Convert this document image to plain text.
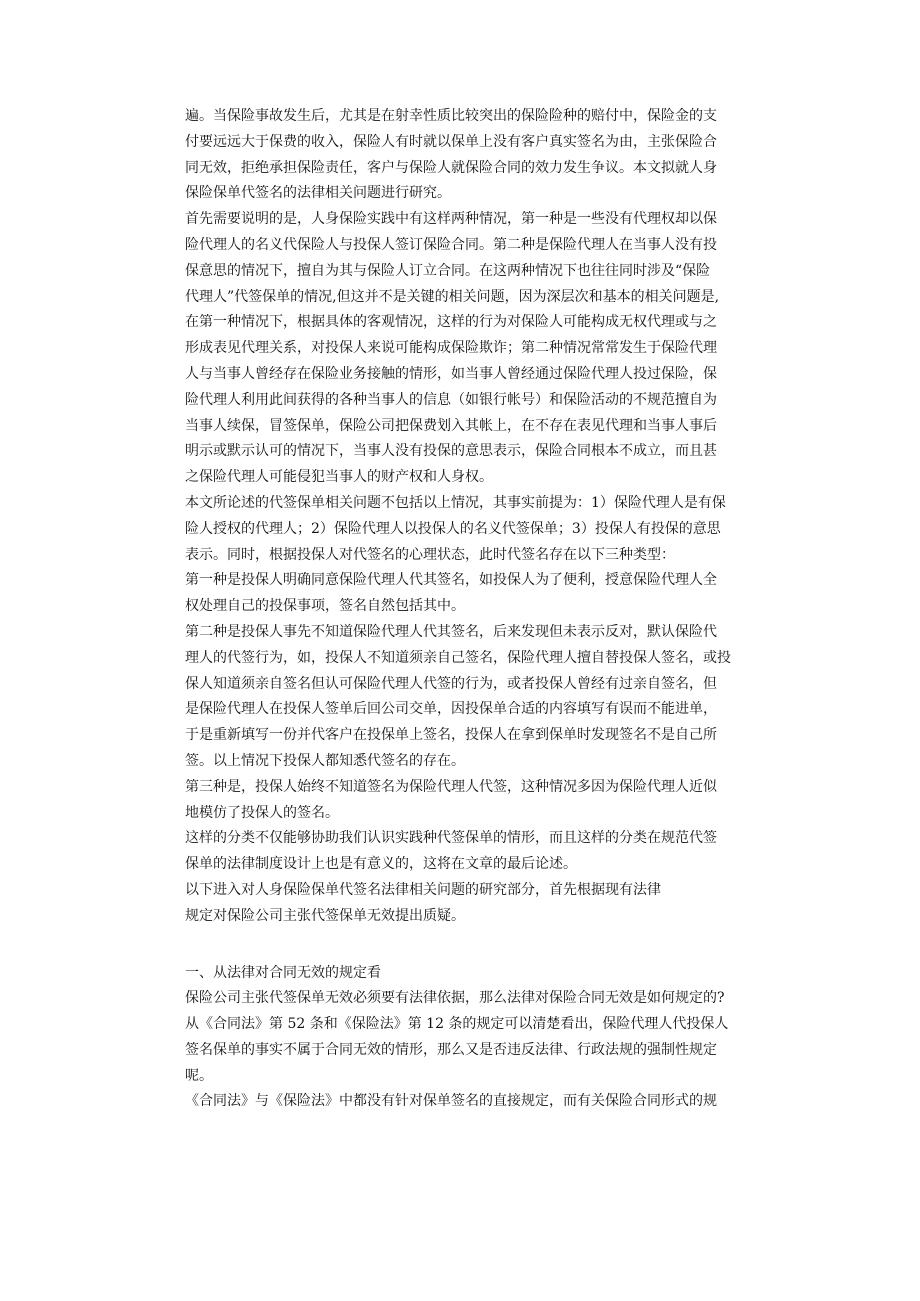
遍。当保险事故发生后，尤其是在射幸性质比较突出的保险险种的赔付中，保险金的支
付要远远大于保费的收入，保险人有时就以保单上没有客户真实签名为由，主张保险合
同无效，拒绝承担保险责任，客户与保险人就保险合同的效力发生争议。本文拟就人身
保险保单代签名的法律相关问题进行研究。
首先需要说明的是，人身保险实践中有这样两种情况，第一种是一些没有代理权却以保
险代理人的名义代保险人与投保人签订保险合同。第二种是保险代理人在当事人没有投
保意思的情况下，擅自为其与保险人订立合同。在这两种情况下也往往同时涉及“保险
代理人”代签保单的情况,但这并不是关键的相关问题，因为深层次和基本的相关问题是,
在第一种情况下，根据具体的客观情况，这样的行为对保险人可能构成无权代理或与之
形成表见代理关系，对投保人来说可能构成保险欺诈；第二种情况常常发生于保险代理
人与当事人曾经存在保险业务接触的情形，如当事人曾经通过保险代理人投过保险，保
险代理人利用此间获得的各种当事人的信息（如银行帐号）和保险活动的不规范擅自为
当事人续保，冒签保单，保险公司把保费划入其帐上，在不存在表见代理和当事人事后
明示或默示认可的情况下，当事人没有投保的意思表示，保险合同根本不成立，而且甚
之保险代理人可能侵犯当事人的财产权和人身权。
本文所论述的代签保单相关问题不包括以上情况，其事实前提为：1）保险代理人是有保
险人授权的代理人；2）保险代理人以投保人的名义代签保单；3）投保人有投保的意思
表示。同时，根据投保人对代签名的心理状态，此时代签名存在以下三种类型：
第一种是投保人明确同意保险代理人代其签名，如投保人为了便利，授意保险代理人全
权处理自己的投保事项，签名自然包括其中。
第二种是投保人事先不知道保险代理人代其签名，后来发现但未表示反对，默认保险代
理人的代签行为，如，投保人不知道须亲自己签名，保险代理人擅自替投保人签名，或投
保人知道须亲自签名但认可保险代理人代签的行为，或者投保人曾经有过亲自签名，但
是保险代理人在投保人签单后回公司交单，因投保单合适的内容填写有误而不能进单，
于是重新填写一份并代客户在投保单上签名，投保人在拿到保单时发现签名不是自己所
签。以上情况下投保人都知悉代签名的存在。
第三种是，投保人始终不知道签名为保险代理人代签，这种情况多因为保险代理人近似
地模仿了投保人的签名。
这样的分类不仅能够协助我们认识实践种代签保单的情形，而且这样的分类在规范代签
保单的法律制度设计上也是有意义的，这将在文章的最后论述。
以下进入对人身保险保单代签名法律相关问题的研究部分，首先根据现有法律
规定对保险公司主张代签保单无效提出质疑。

一、从法律对合同无效的规定看

保险公司主张代签保单无效必须要有法律依据，那么法律对保险合同无效是如何规定的?
从《合同法》第 52 条和《保险法》第 12 条的规定可以清楚看出，保险代理人代投保人
签名保单的事实不属于合同无效的情形，那么又是否违反法律、行政法规的强制性规定
呢。
《合同法》与《保险法》中都没有针对保单签名的直接规定，而有关保险合同形式的规
